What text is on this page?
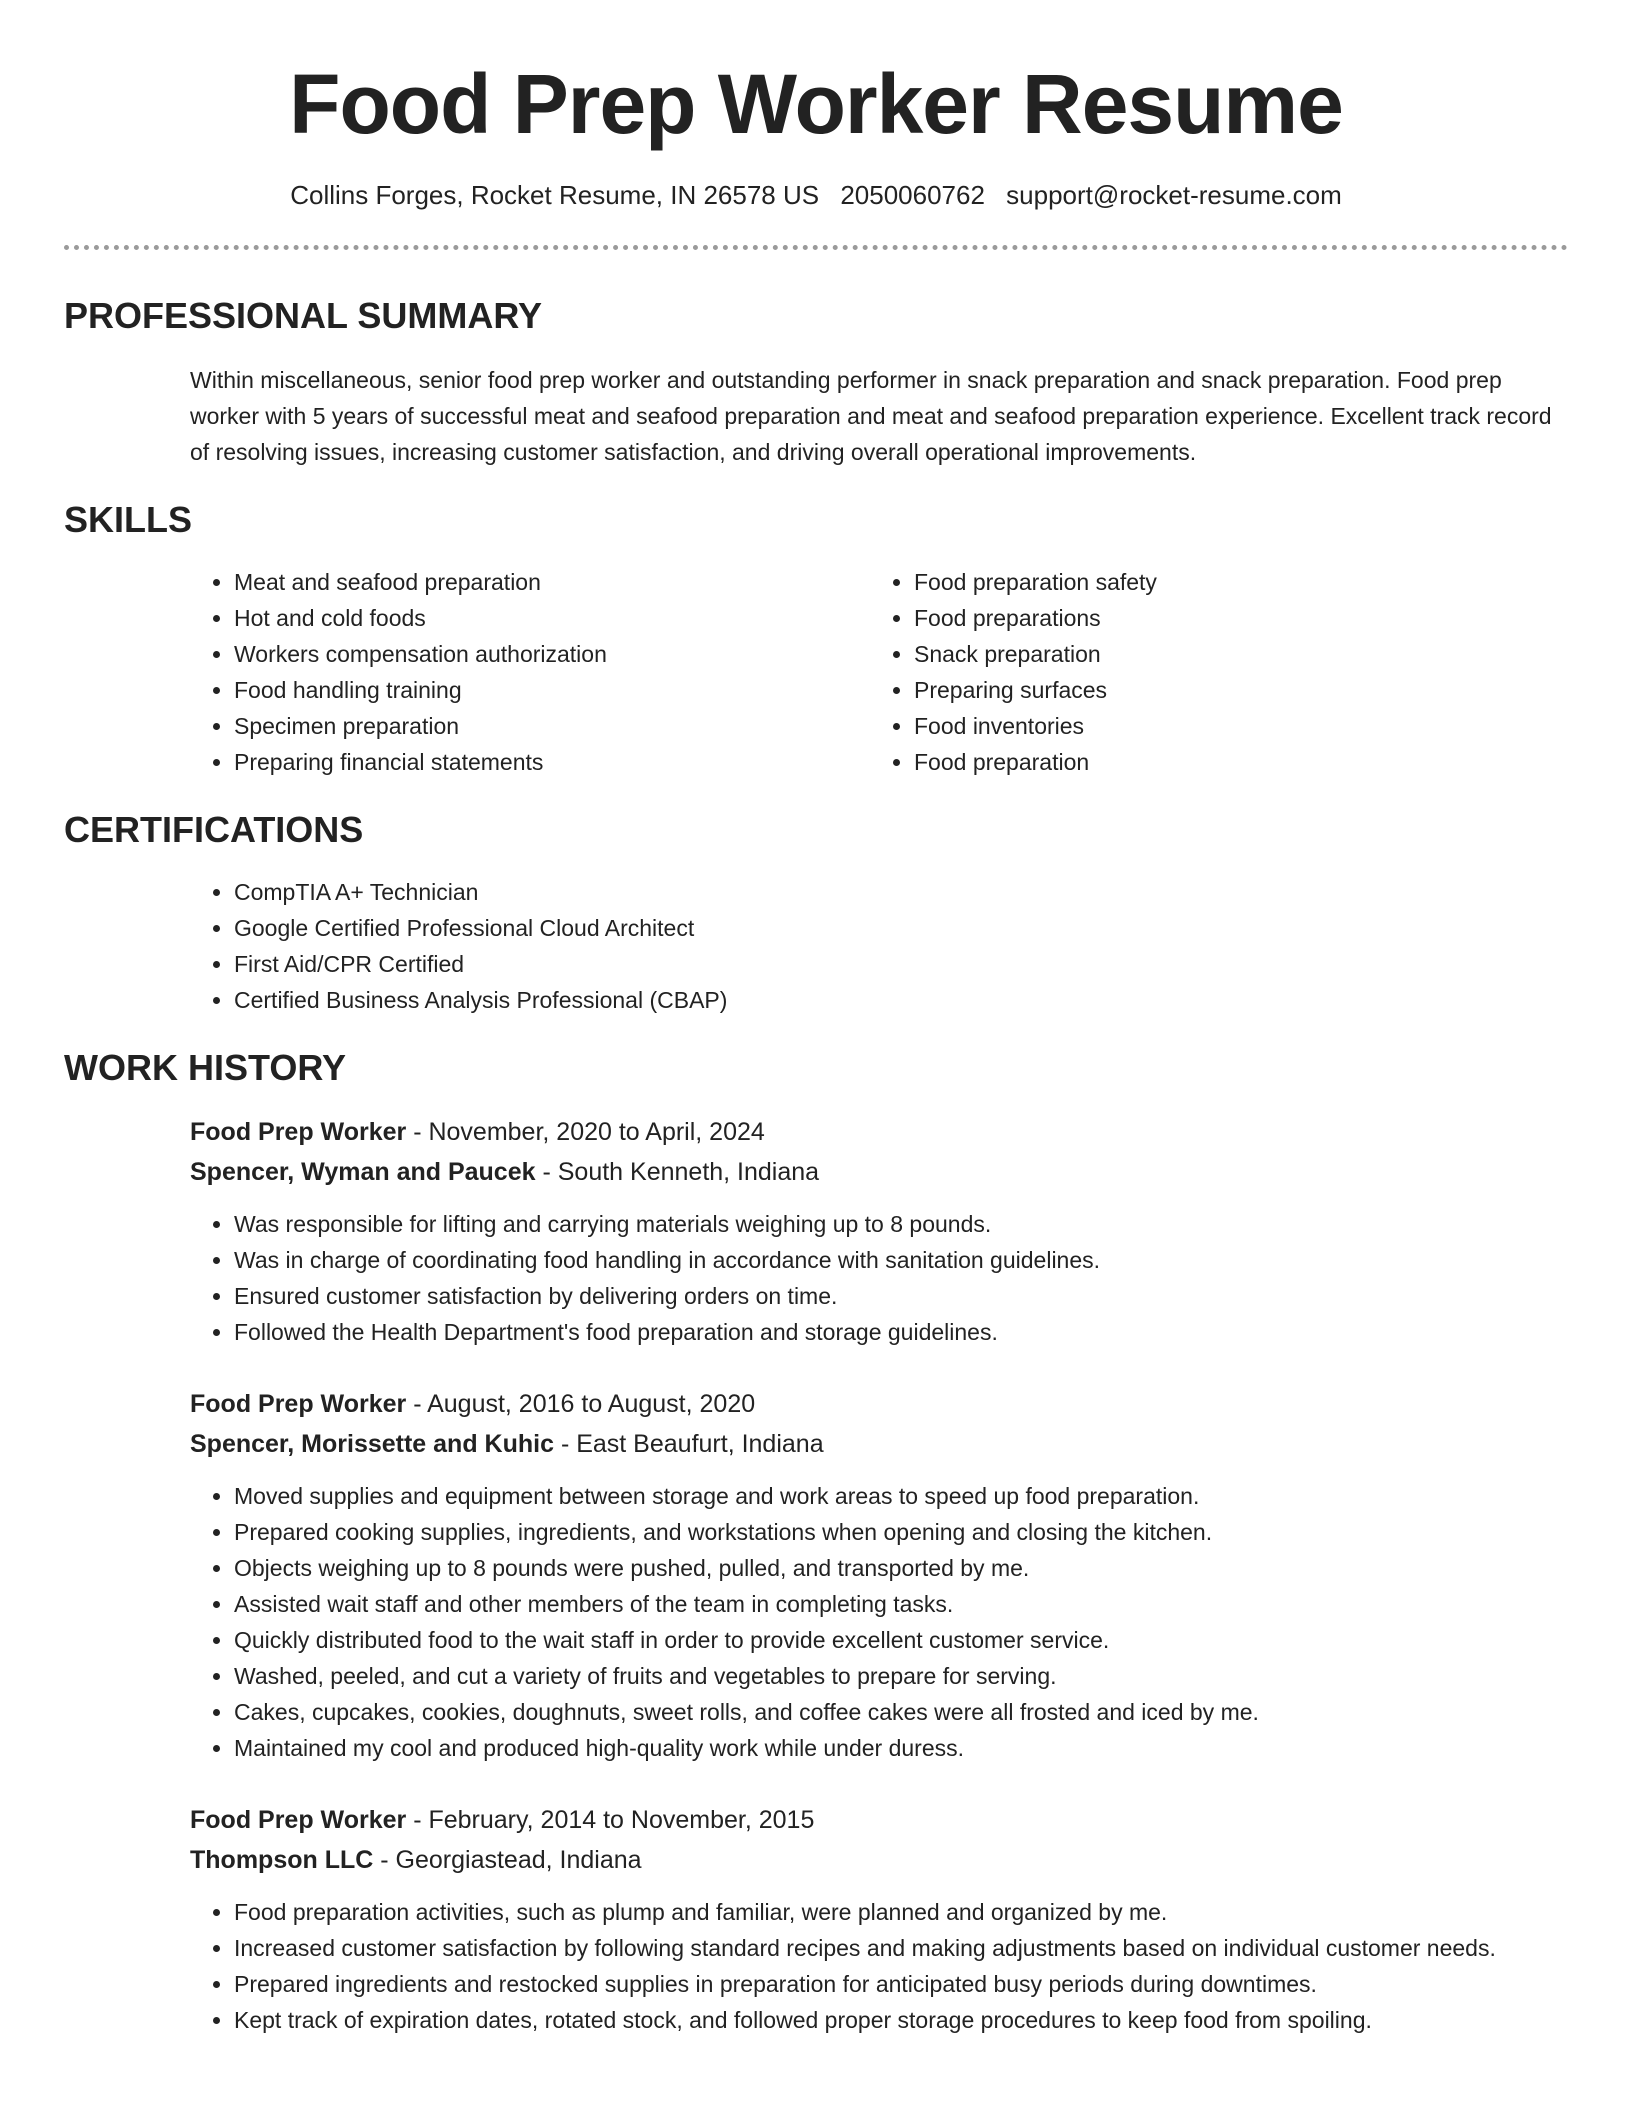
Food Prep Worker Resume
Collins Forges, Rocket Resume, IN 26578 US 2050060762 support@rocket-resume.com
PROFESSIONAL SUMMARY

Within miscellaneous, senior food prep worker and outstanding performer in snack preparation and snack preparation. Food prep worker with 5 years of successful meat and seafood preparation and meat and seafood preparation experience. Excellent track record of resolving issues, increasing customer satisfaction, and driving overall operational improvements.

SKILLS
• Meat and seafood preparation
• Hot and cold foods
• Workers compensation authorization
• Food handling training
• Specimen preparation
• Preparing financial statements
• Food preparation safety
• Food preparations
• Snack preparation
• Preparing surfaces
• Food inventories
• Food preparation
CERTIFICATIONS
• CompTIA A+ Technician
• Google Certified Professional Cloud Architect
• First Aid/CPR Certified
• Certified Business Analysis Professional (CBAP)
WORK HISTORY
Food Prep Worker - November, 2020 to April, 2024
Spencer, Wyman and Paucek - South Kenneth, Indiana
• Was responsible for lifting and carrying materials weighing up to 8 pounds.
• Was in charge of coordinating food handling in accordance with sanitation guidelines.
• Ensured customer satisfaction by delivering orders on time.
• Followed the Health Department's food preparation and storage guidelines.
Food Prep Worker - August, 2016 to August, 2020
Spencer, Morissette and Kuhic - East Beaufurt, Indiana
• Moved supplies and equipment between storage and work areas to speed up food preparation.
• Prepared cooking supplies, ingredients, and workstations when opening and closing the kitchen.
• Objects weighing up to 8 pounds were pushed, pulled, and transported by me.
• Assisted wait staff and other members of the team in completing tasks.
• Quickly distributed food to the wait staff in order to provide excellent customer service.
• Washed, peeled, and cut a variety of fruits and vegetables to prepare for serving.
• Cakes, cupcakes, cookies, doughnuts, sweet rolls, and coffee cakes were all frosted and iced by me.
• Maintained my cool and produced high-quality work while under duress.
Food Prep Worker - February, 2014 to November, 2015
Thompson LLC - Georgiastead, Indiana
• Food preparation activities, such as plump and familiar, were planned and organized by me.
• Increased customer satisfaction by following standard recipes and making adjustments based on individual customer needs.
• Prepared ingredients and restocked supplies in preparation for anticipated busy periods during downtimes.
• Kept track of expiration dates, rotated stock, and followed proper storage procedures to keep food from spoiling.
